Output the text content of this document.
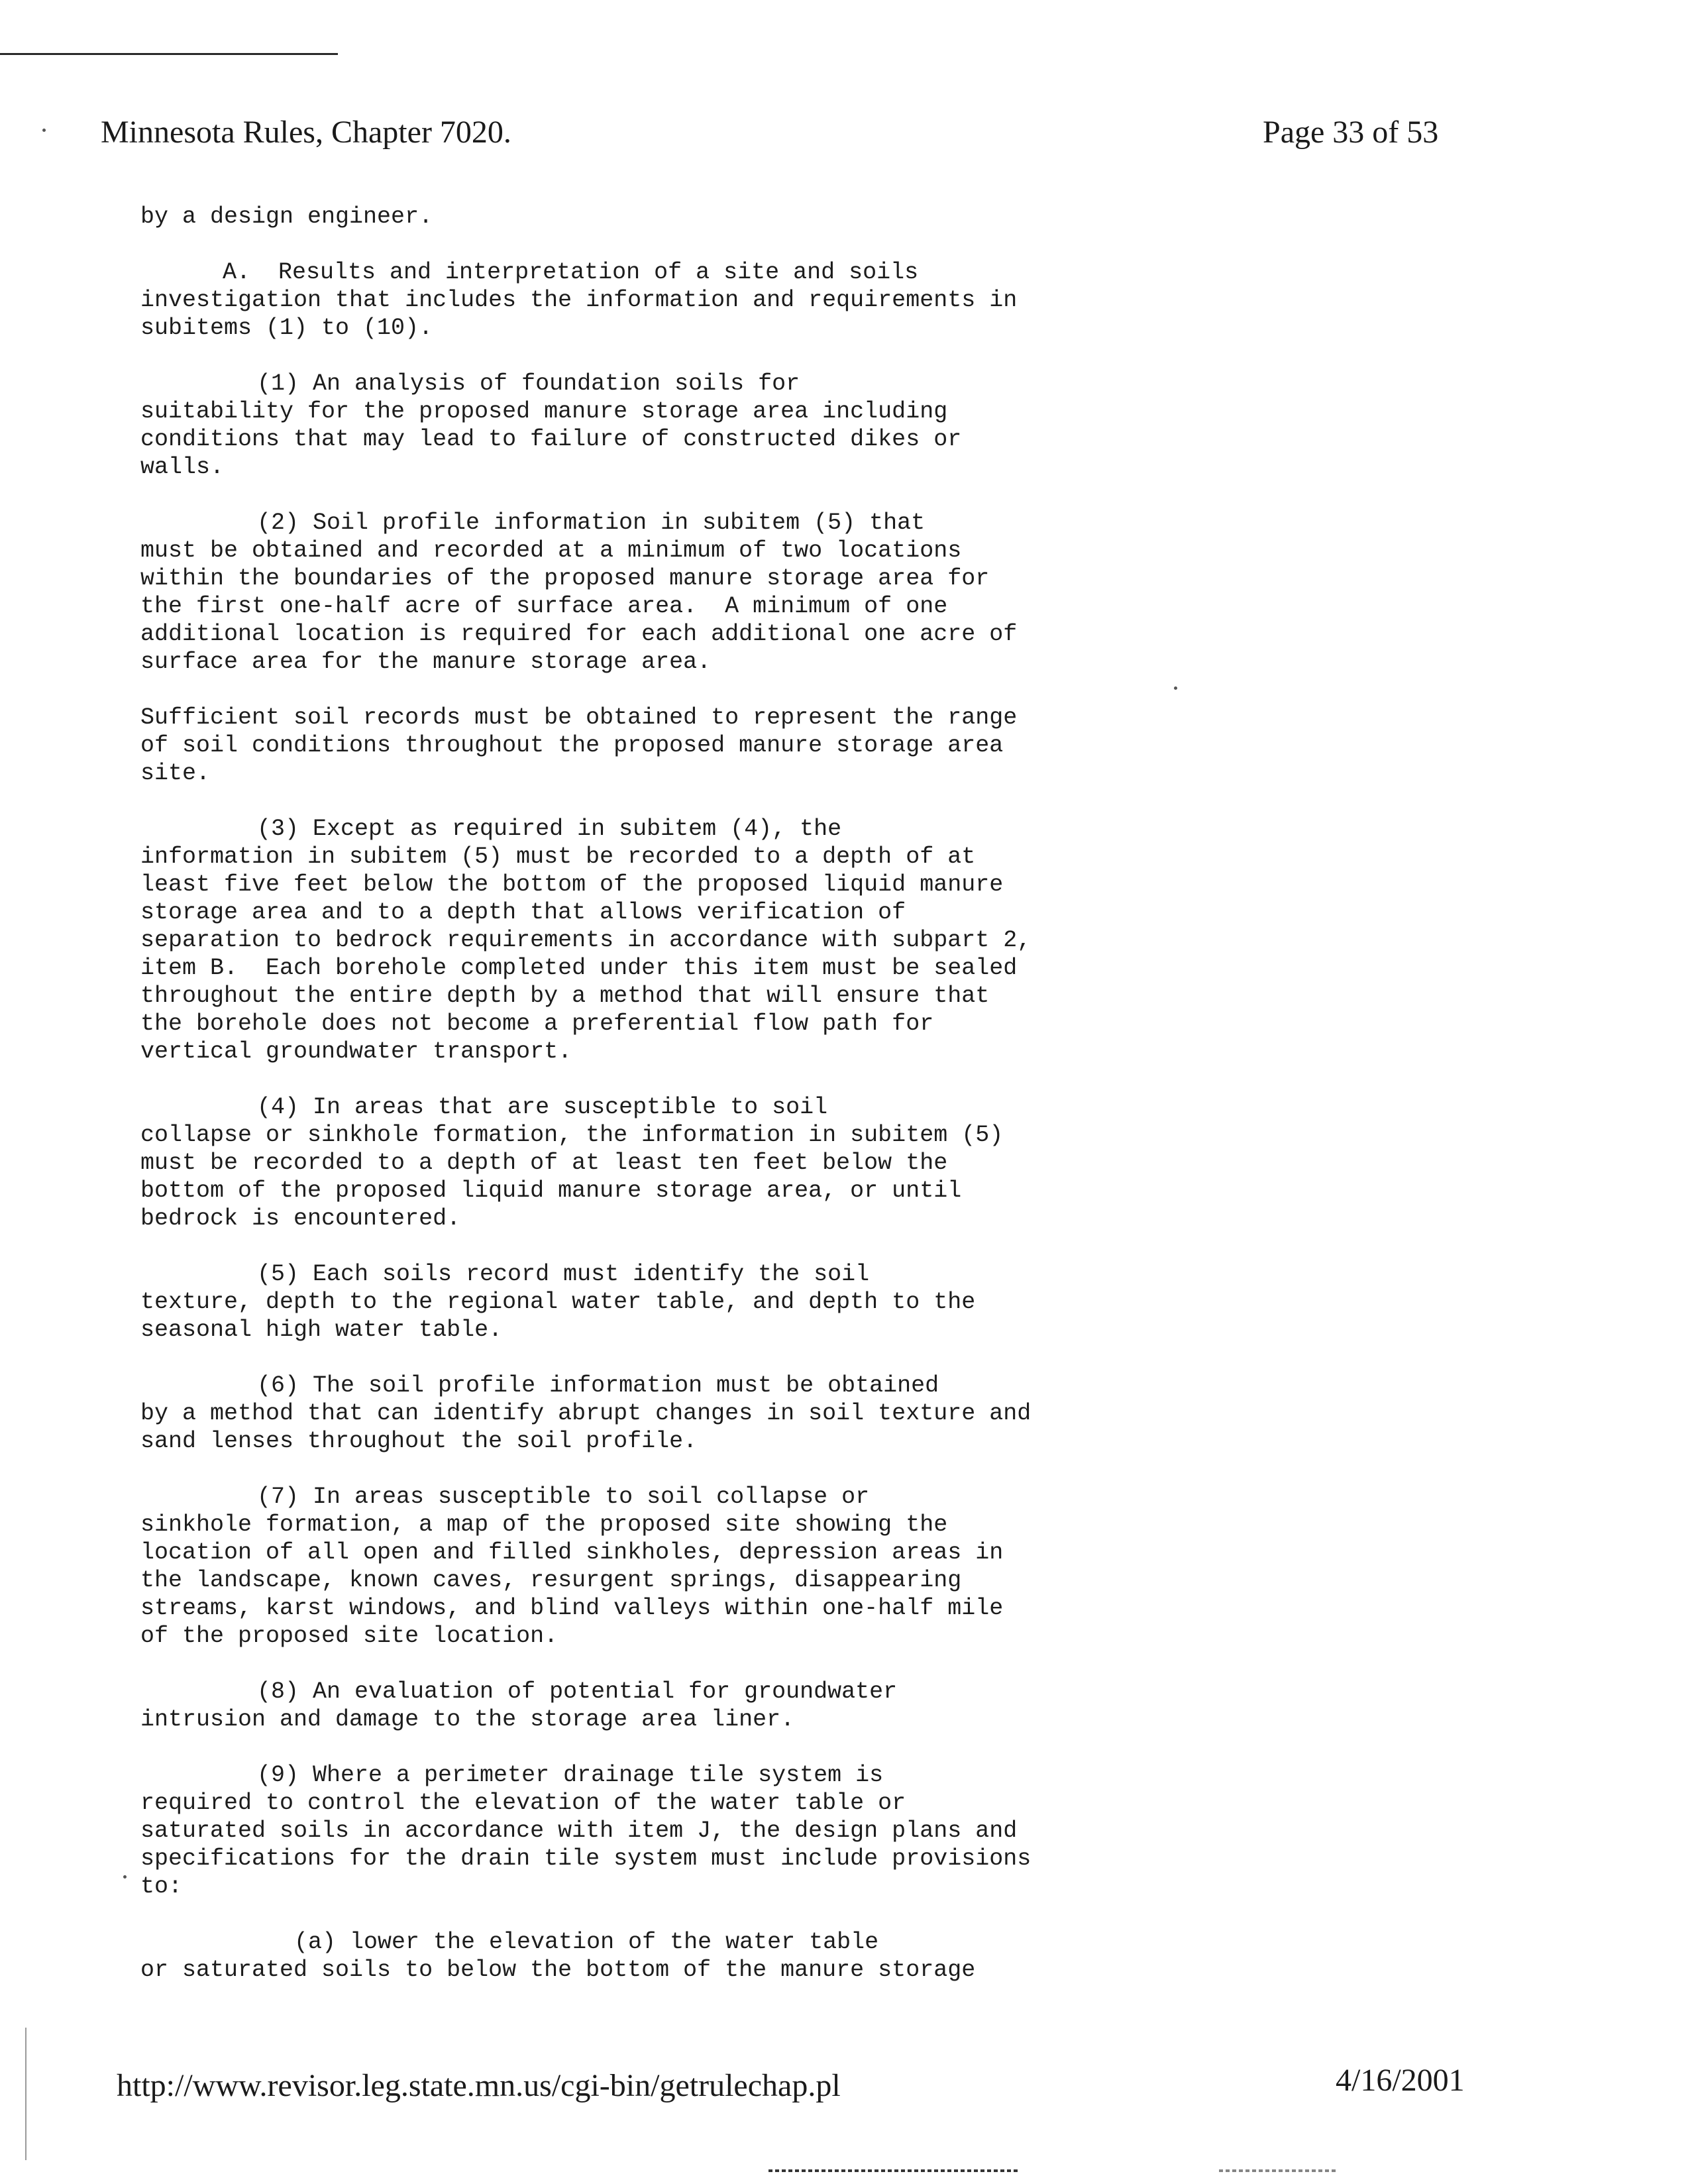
Minnesota Rules, Chapter 7020.	Page 33 of 53
by a design engineer.
A.  Results and interpretation of a site and soils
investigation that includes the information and requirements in
subitems (1) to (10).
(1) An analysis of foundation soils for
suitability for the proposed manure storage area including
conditions that may lead to failure of constructed dikes or
walls.
(2) Soil profile information in subitem (5) that
must be obtained and recorded at a minimum of two locations
within the boundaries of the proposed manure storage area for
the first one-half acre of surface area.  A minimum of one
additional location is required for each additional one acre of
surface area for the manure storage area.
Sufficient soil records must be obtained to represent the range
of soil conditions throughout the proposed manure storage area
site.
(3) Except as required in subitem (4), the
information in subitem (5) must be recorded to a depth of at
least five feet below the bottom of the proposed liquid manure
storage area and to a depth that allows verification of
separation to bedrock requirements in accordance with subpart 2,
item B.  Each borehole completed under this item must be sealed
throughout the entire depth by a method that will ensure that
the borehole does not become a preferential flow path for
vertical groundwater transport.
(4) In areas that are susceptible to soil
collapse or sinkhole formation, the information in subitem (5)
must be recorded to a depth of at least ten feet below the
bottom of the proposed liquid manure storage area, or until
bedrock is encountered.
(5) Each soils record must identify the soil
texture, depth to the regional water table, and depth to the
seasonal high water table.
(6) The soil profile information must be obtained
by a method that can identify abrupt changes in soil texture and
sand lenses throughout the soil profile.
(7) In areas susceptible to soil collapse or
sinkhole formation, a map of the proposed site showing the
location of all open and filled sinkholes, depression areas in
the landscape, known caves, resurgent springs, disappearing
streams, karst windows, and blind valleys within one-half mile
of the proposed site location.
(8) An evaluation of potential for groundwater
intrusion and damage to the storage area liner.
(9) Where a perimeter drainage tile system is
required to control the elevation of the water table or
saturated soils in accordance with item J, the design plans and
specifications for the drain tile system must include provisions
to:
(a) lower the elevation of the water table
or saturated soils to below the bottom of the manure storage
http://www.revisor.leg.state.mn.us/cgi-bin/getrulechap.pl	4/16/2001
